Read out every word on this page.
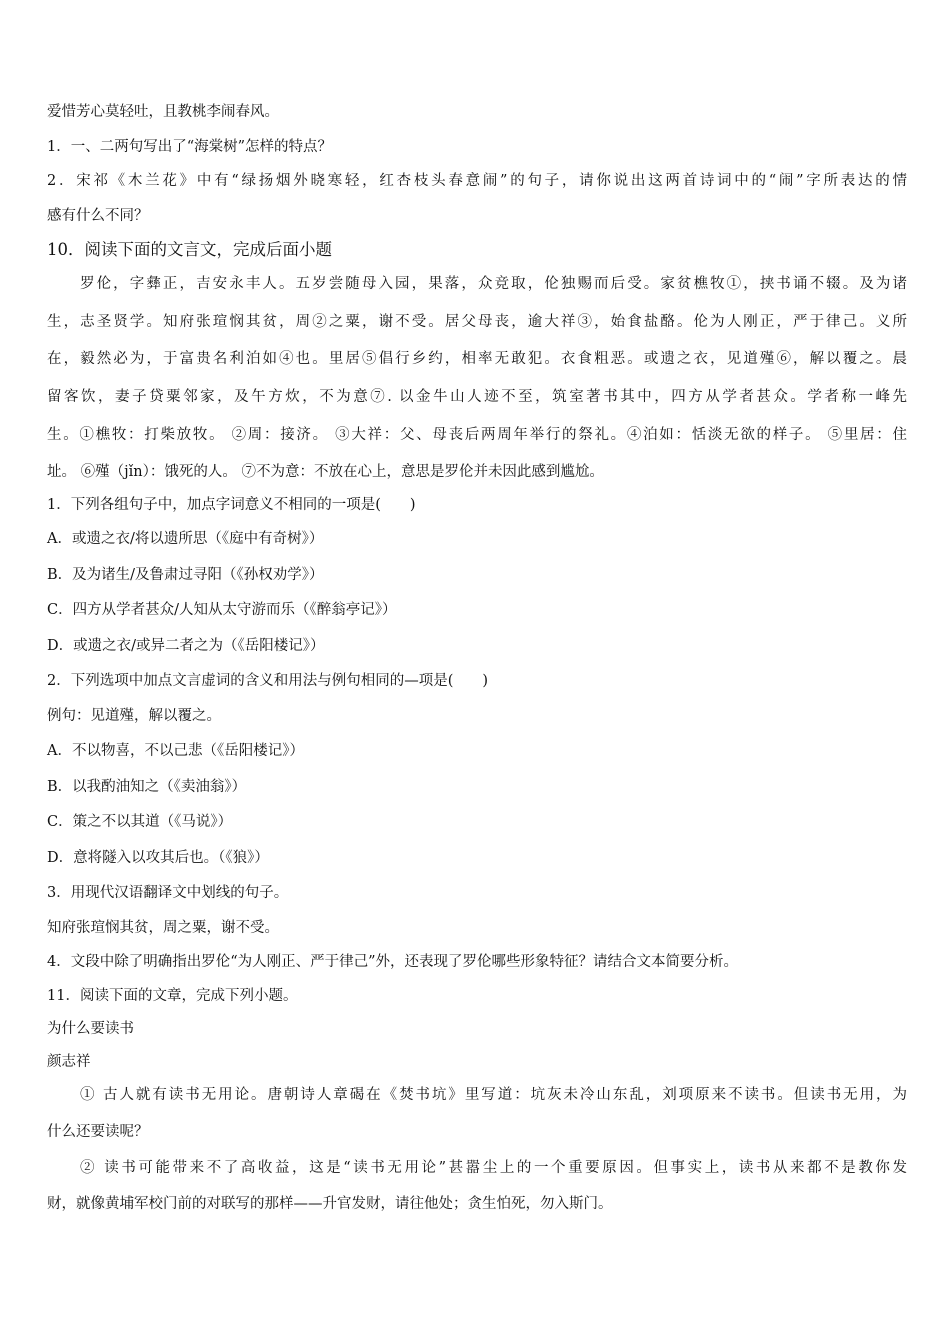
爱惜芳心莫轻吐，且教桃李闹春风。
1．一、二两句写出了“海棠树”怎样的特点？
2．宋祁《木兰花》中有“绿扬烟外晓寒轻，红杏枝头春意闹”的句子，请你说出这两首诗词中的“闹”字所表达的情
感有什么不同？
10．阅读下面的文言文，完成后面小题
罗伦，字彝正，吉安永丰人。五岁尝随母入园，果落，众竞取，伦独赐而后受。家贫樵牧①，挟书诵不辍。及为诸
生，志圣贤学。知府张瑄悯其贫，周②之粟，谢不受。居父母丧，逾大祥③，始食盐酪。伦为人刚正，严于律己。义所
在，毅然必为，于富贵名利泊如④也。里居⑤倡行乡约，相率无敢犯。衣食粗恶。或遗之衣，见道殣⑥，解以覆之。晨
留客饮，妻子贷粟邻家，及午方炊，不为意⑦. 以金牛山人迹不至，筑室著书其中，四方从学者甚众。学者称一峰先
生。①樵牧：打柴放牧。 ②周：接济。 ③大祥：父、母丧后两周年举行的祭礼。④泊如：恬淡无欲的样子。 ⑤里居：住
址。 ⑥殣（jǐn）：饿死的人。 ⑦不为意：不放在心上，意思是罗伦并未因此感到尴尬。
1．下列各组句子中，加点字词意义不相同的一项是(　　)
A．或遗之衣/将以遗所思（《庭中有奇树》）
B．及为诸生/及鲁肃过寻阳（《孙权劝学》）
C．四方从学者甚众/人知从太守游而乐（《醉翁亭记》）
D．或遗之衣/或异二者之为（《岳阳楼记》）
2．下列选项中加点文言虚词的含义和用法与例句相同的—项是(　　)
例句：见道殣，解以覆之。
A．不以物喜，不以己悲（《岳阳楼记》）
B．以我酌油知之（《卖油翁》）
C．策之不以其道（《马说》）
D．意将隧入以攻其后也。（《狼》）
3．用现代汉语翻译文中划线的句子。
知府张瑄悯其贫，周之粟，谢不受。
4．文段中除了明确指出罗伦“为人刚正、严于律己”外，还表现了罗伦哪些形象特征？请结合文本简要分析。
11．阅读下面的文章，完成下列小题。
为什么要读书
颜志祥
① 古人就有读书无用论。唐朝诗人章碣在《焚书坑》里写道：坑灰未冷山东乱，刘项原来不读书。但读书无用，为
什么还要读呢？
② 读书可能带来不了高收益，这是“读书无用论”甚嚣尘上的一个重要原因。但事实上，读书从来都不是教你发
财，就像黄埔军校门前的对联写的那样——升官发财，请往他处；贪生怕死，勿入斯门。
